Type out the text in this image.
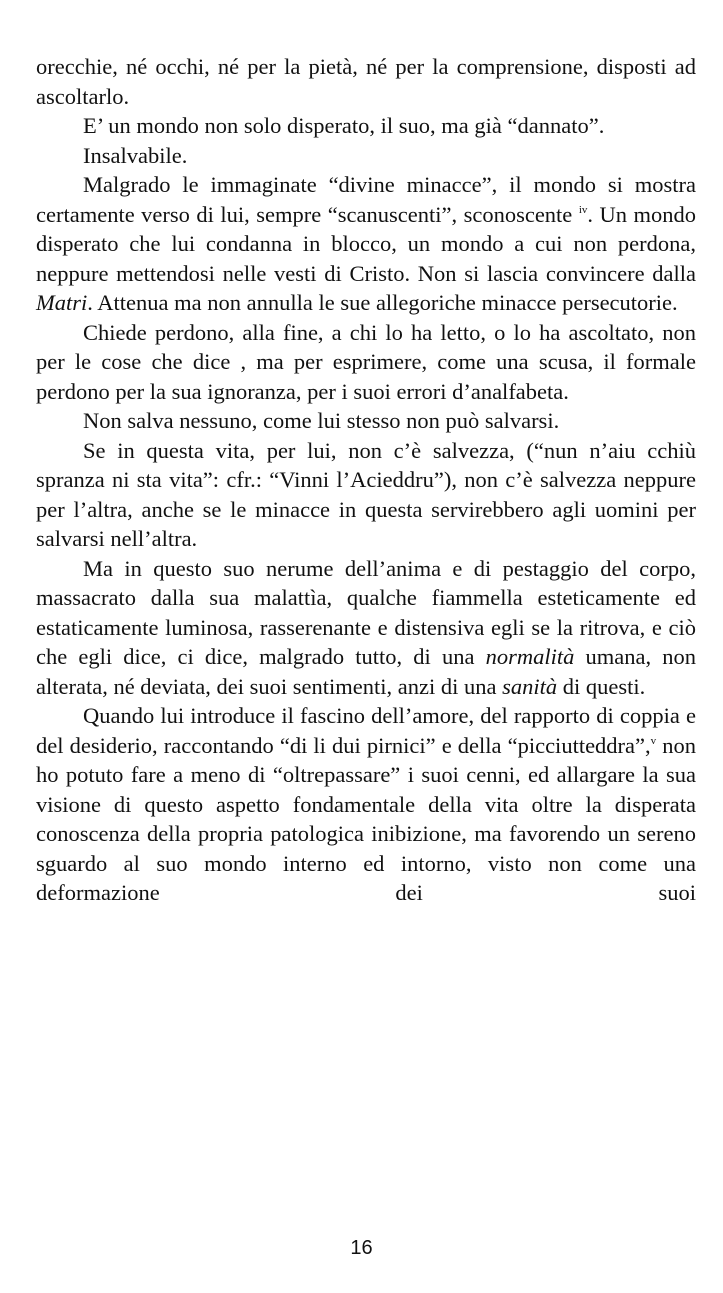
orecchie, né occhi, né per la pietà, né per la comprensione, disposti ad ascoltarlo.

E’ un mondo non solo disperato, il suo, ma già “dannato”.

Insalvabile.

Malgrado le immaginate “divine minacce”, il mondo si mostra certamente verso di lui, sempre “scanuscenti”, sconoscente $^{iv}$. Un mondo disperato che lui condanna in blocco, un mondo a cui non perdona, neppure mettendosi nelle vesti di Cristo. Non si lascia convincere dalla Matri. Attenua ma non annulla le sue allegoriche minacce persecutorie.

Chiede perdono, alla fine, a chi lo ha letto, o lo ha ascoltato, non per le cose che dice , ma per esprimere, come una scusa, il formale perdono per la sua ignoranza, per i suoi errori d’analfabeta.

Non salva nessuno, come lui stesso non può salvarsi.

Se in questa vita, per lui, non c’è salvezza, (“nun n’aiu cchiù spranza ni sta vita”: cfr.: “Vinni l’Acieddru”), non c’è salvezza neppure per l’altra, anche se le minacce in questa servirebbero agli uomini per salvarsi nell’altra.

Ma in questo suo nerume dell’anima e di pestaggio del corpo, massacrato dalla sua malattìa, qualche fiammella esteticamente ed estaticamente luminosa, rasserenante e distensiva egli se la ritrova, e ciò che egli dice, ci dice, malgrado tutto, di una normalità umana, non alterata, né deviata, dei suoi sentimenti, anzi di una sanità di questi.

Quando lui introduce il fascino dell’amore, del rapporto di coppia e del desiderio, raccontando “di li dui pirnici” e della “picciutteddra”,$^v$ non ho potuto fare a meno di “oltrepassare” i suoi cenni, ed allargare la sua visione di questo aspetto fondamentale della vita oltre la disperata conoscenza della propria patologica inibizione, ma favorendo un sereno sguardo al suo mondo interno ed intorno, visto non come una deformazione dei suoi

16
